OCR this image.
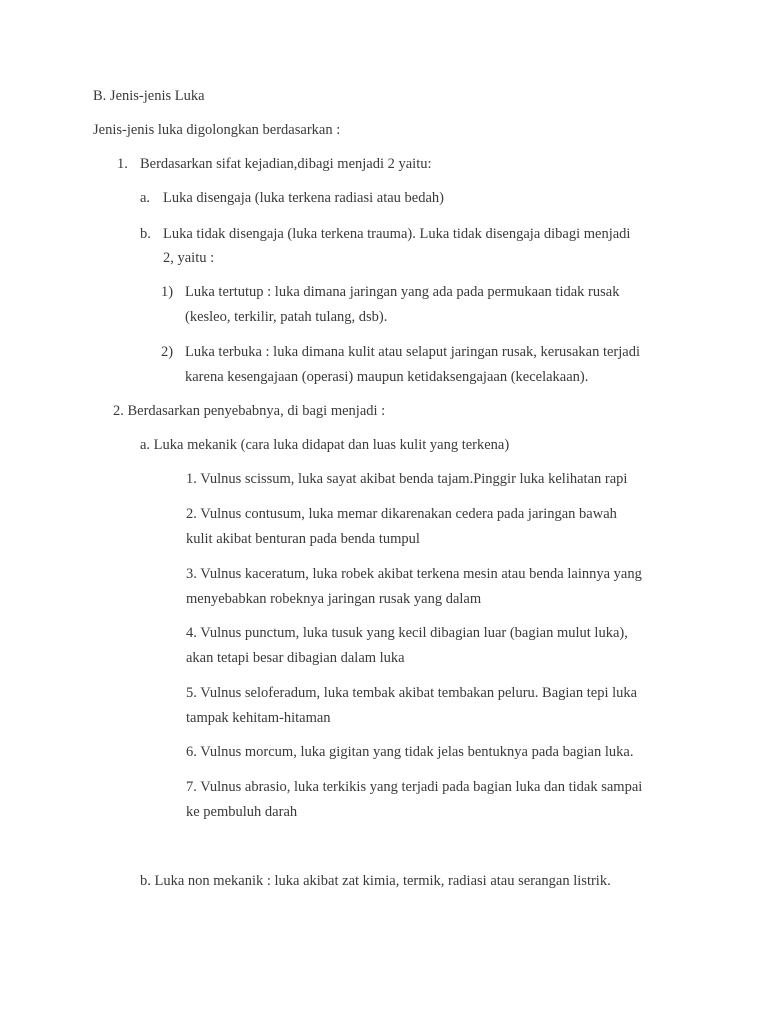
B. Jenis-jenis Luka
Jenis-jenis luka digolongkan berdasarkan :
1. Berdasarkan sifat kejadian,dibagi menjadi 2 yaitu:
a. Luka disengaja (luka terkena radiasi atau bedah)
b. Luka tidak disengaja (luka terkena trauma). Luka tidak disengaja dibagi menjadi
2, yaitu :
1) Luka tertutup : luka dimana jaringan yang ada pada permukaan tidak rusak
(kesleo, terkilir, patah tulang, dsb).
2) Luka terbuka : luka dimana kulit atau selaput jaringan rusak, kerusakan terjadi
karena kesengajaan (operasi) maupun ketidaksengajaan (kecelakaan).
2. Berdasarkan penyebabnya, di bagi menjadi :
a. Luka mekanik (cara luka didapat dan luas kulit yang terkena)
1. Vulnus scissum, luka sayat akibat benda tajam.Pinggir luka kelihatan rapi
2. Vulnus contusum, luka memar dikarenakan cedera pada jaringan bawah
kulit akibat benturan pada benda tumpul
3. Vulnus kaceratum, luka robek akibat terkena mesin atau benda lainnya yang
menyebabkan robeknya jaringan rusak yang dalam
4. Vulnus punctum, luka tusuk yang kecil dibagian luar (bagian mulut luka),
akan tetapi besar dibagian dalam luka
5. Vulnus seloferadum, luka tembak akibat tembakan peluru. Bagian tepi luka
tampak kehitam-hitaman
6. Vulnus morcum, luka gigitan yang tidak jelas bentuknya pada bagian luka.
7. Vulnus abrasio, luka terkikis yang terjadi pada bagian luka dan tidak sampai
ke pembuluh darah
b. Luka non mekanik : luka akibat zat kimia, termik, radiasi atau serangan listrik.
